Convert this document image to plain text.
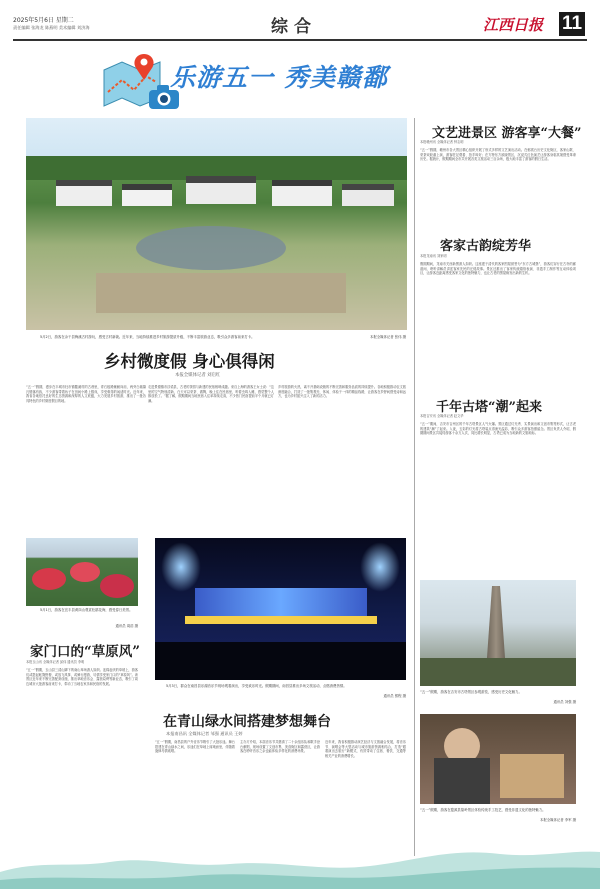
2025年5月6日 星期二
责任编辑 张海龙 陈燕明 美术编辑 刘济海	综合	江西日报 11
乐游五一 秀美赣鄱
5月2日，游客在余干县梅溪古村游玩，感受古村新貌。近年来，当地持续推进乡村旅游提质升级，不断丰富旅游业态，吸引众多游客前来打卡。	本报全媒体记者 张伟 摄
乡村微度假 身心俱得闲
本报全媒体记者 刘启红
“五一”假期，漫步在丰城市杜市镇鳌溪村的古巷里，青石板路蜿蜒向前，两旁白墙黛瓦错落有致，不少游客带着孩子在田间小路上嬉戏，享受难得的闲适时光。近年来，我省各地依托良好的生态资源和深厚的人文底蕴，大力发展乡村旅游，推出了一批各具特色的乡村微度假目的地。
走进景德镇市浮梁县，古老的茶园与新建的民宿相映成趣。来自上海的游客王女士说：“这里的空气特别清新，白天可以采茶、做陶，晚上住在民宿里，听着虫鸣入睡，感觉整个人都放松了。”据了解，假期期间当地民宿入住率持续走高，不少热门民宿提前半个月就已订满。
乡村旅游的火热，离不开基础设施的不断完善和服务品质的持续提升。各地积极推动农文旅深度融合，打造了一批集观光、休闲、体验于一体的精品线路，让游客在乡野间感受诗和远方，也为乡村振兴注入了新的活力。
5月1日，游客在宜丰县黄岗山观赏杜鹃花海，感受春日美景。
通讯员 周浩 摄
家门口的“草原风”
本报玉山讯 全媒体记者 邱伟 通讯员 李明
“五一”假期，玉山县三清山脚下的南山草场游人如织。连绵起伏的草坡上，游客们或搭起帐篷野餐，或放飞风筝，或骑行漫游，尽情享受家门口的“草原风”。该景区近年来不断完善配套设施，推出草地音乐会、露营烧烤等新业态，吸引了周边城市大批游客前来打卡，带动了当地农家乐和民宿的发展。
5月3日，群众在南昌县乐湖音乐节现场观看演出，享受欢乐时光。假期期间，南昌县推出多场文旅活动，点燃消费热情。
通讯员 熊程 摄
在青山绿水间搭建梦想舞台
本报南昌讯 全媒体记者 邹强 通讯员 王婷
“五一”假期，南昌县的户外音乐节吸引了大批乐迷。舞台搭建在青山绿水之间，乐迷们在草地上席地而坐，伴随着旋律尽情欢唱。
主办方介绍，本届音乐节共邀请了二十余组乐队和歌手登台献唱，现场设置了文创市集、美食街区和露营区，让游客在聆听音乐之余也能体验多样化的消费场景。
近年来，我省积极推动演艺经济与文旅融合发展，将音乐节、演唱会等大型活动与城市旅游资源相结合，打造“跟着演出去旅行”新模式，有效带动了住宿、餐饮、交通等相关产业的消费增长。
文艺进景区 游客享“大餐”
本报赣州讯 全媒体记者 钟志明
“五一”假期，赣州市各大景区精心组织开展了形式多样的文艺演出活动。在郁孤台历史文化街区，客家山歌、采茶戏轮番上演，游客驻足观看、拍手叫好；在方特东方欲晓景区，沉浸式红色演艺让游客身临其境感受革命历史。据统计，假期期间全市共开展各类文旅活动三百余场，极大地丰富了游客的假日生活。
客家古韵绽芳华
本报龙南讯 刘家明
假期期间，龙南市关西新围游人如织。这座建于清代的客家围屋被誉为“东方古城堡”，游客们穿行在古朴的廊道间，聆听讲解员讲述客家先民的迁徙故事。景区还推出了客家传统婚俗表演、非遗手工制作等互动体验项目，让游客近距离感受客家文化的独特魅力，也让古老的围屋焕发出新的生机。
千年古塔“潮”起来
本报吉安讯 全媒体记者 赵文华
“五一”期间，吉安市吉州区的千年古塔景区人气火爆。景区通过灯光秀、实景演出和文创市集等形式，让古老的建筑“潮”了起来。入夜，五彩的灯光将古塔装点得流光溢彩，吸引众多游客拍照留念。景区负责人介绍，假期期间景区共接待游客十余万人次，同比增长明显，古塔已成为当地新的文旅地标。
“五一”假期，游客在吉安市古塔景区参观游览，感受历史文化魅力。
通讯员 刘强 摄
“五一”假期，游客在婺源县篁岭景区体验传统手工技艺，感受非遗文化的独特魅力。
本报全媒体记者 李军 摄
